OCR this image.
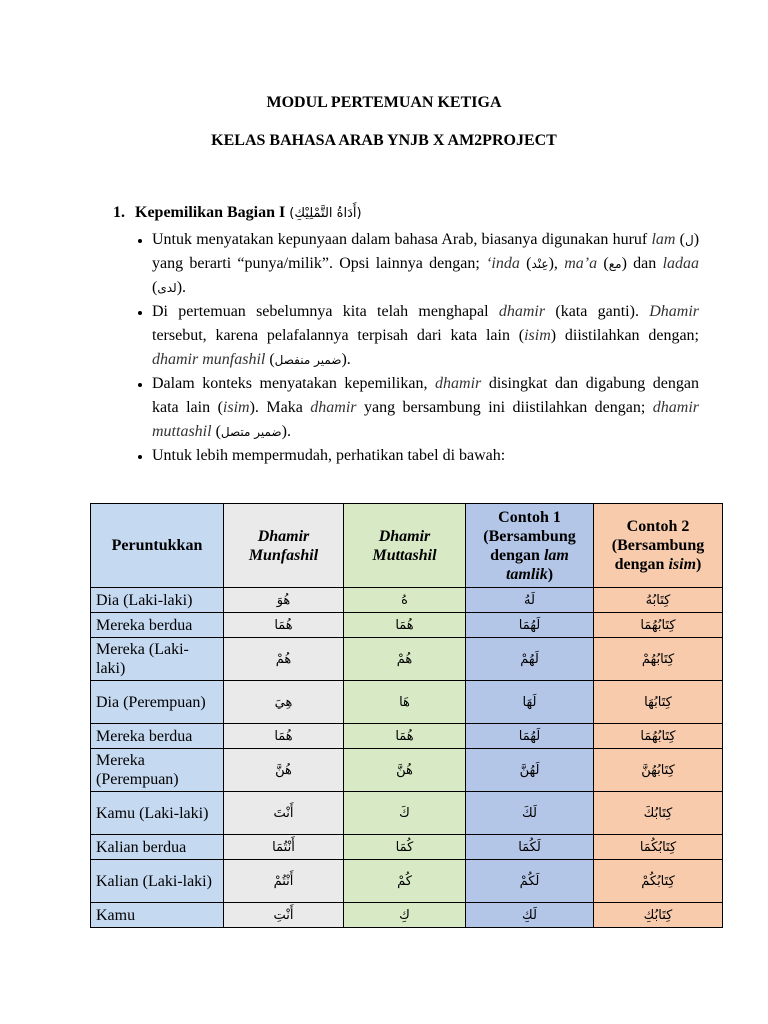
MODUL PERTEMUAN KETIGA
KELAS BAHASA ARAB YNJB X AM2PROJECT
1. Kepemilikan Bagian I (أَدَاةُ التَّمْلِيْكِ)
• Untuk menyatakan kepunyaan dalam bahasa Arab, biasanya digunakan huruf lam (ل) yang berarti “punya/milik”. Opsi lainnya dengan; ‘inda (عِنْد), ma’a (مع) dan ladaa (لدى).
• Di pertemuan sebelumnya kita telah menghapal dhamir (kata ganti). Dhamir tersebut, karena pelafalannya terpisah dari kata lain (isim) diistilahkan dengan; dhamir munfashil (ضمير منفصل).
• Dalam konteks menyatakan kepemilikan, dhamir disingkat dan digabung dengan kata lain (isim). Maka dhamir yang bersambung ini diistilahkan dengan; dhamir muttashil (ضمير متصل).
• Untuk lebih mempermudah, perhatikan tabel di bawah:
Peruntukkan	Dhamir Munfashil	Dhamir Muttashil	Contoh 1 (Bersambung dengan lam tamlik)	Contoh 2 (Bersambung dengan isim)
Dia (Laki-laki)	هُوَ	هُ	لَهُ	كِتَابُهُ
Mereka berdua	هُمَا	هُمَا	لَهُمَا	كِتَابُهُمَا
Mereka (Laki-laki)	هُمْ	هُمْ	لَهُمْ	كِتَابُهُمْ
Dia (Perempuan)	هِيَ	هَا	لَهَا	كِتَابُهَا
Mereka berdua	هُمَا	هُمَا	لَهُمَا	كِتَابُهُمَا
Mereka (Perempuan)	هُنَّ	هُنَّ	لَهُنَّ	كِتَابُهُنَّ
Kamu (Laki-laki)	أَنْتَ	كَ	لَكَ	كِتَابُكَ
Kalian berdua	أَنْتُمَا	كُمَا	لَكُمَا	كِتَابُكُمَا
Kalian (Laki-laki)	أَنْتُمْ	كُمْ	لَكُمْ	كِتَابُكُمْ
Kamu	أَنْتِ	كِ	لَكِ	كِتَابُكِ
